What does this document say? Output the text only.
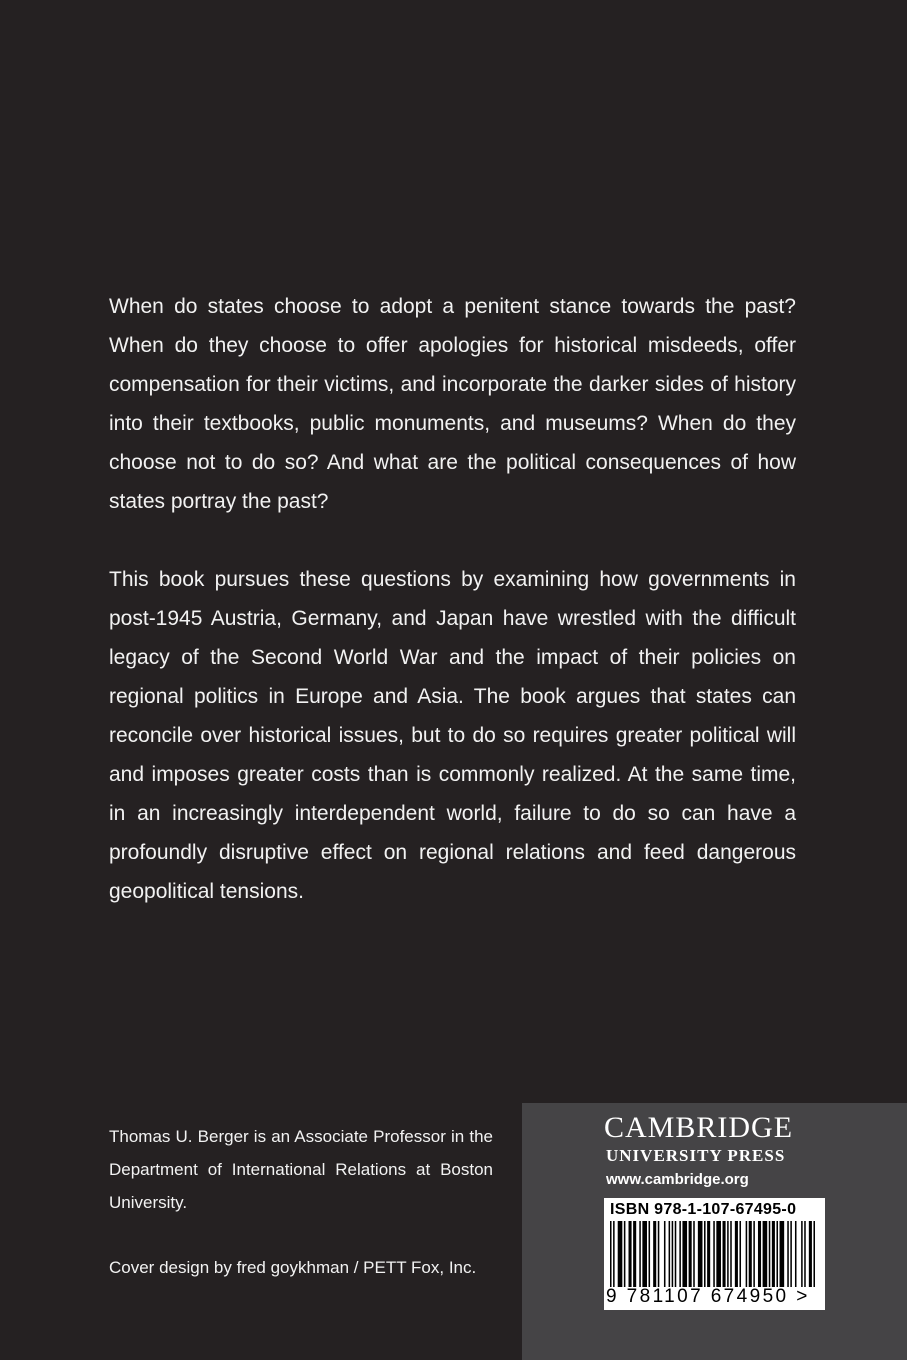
When do states choose to adopt a penitent stance towards the past? When do they choose to offer apologies for historical misdeeds, offer compensation for their victims, and incorporate the darker sides of history into their textbooks, public monuments, and museums? When do they choose not to do so? And what are the political consequences of how states portray the past?

This book pursues these questions by examining how governments in post-1945 Austria, Germany, and Japan have wrestled with the difficult legacy of the Second World War and the impact of their policies on regional politics in Europe and Asia. The book argues that states can reconcile over historical issues, but to do so requires greater political will and imposes greater costs than is commonly realized. At the same time, in an increasingly interdependent world, failure to do so can have a profoundly disruptive effect on regional relations and feed dangerous geopolitical tensions.

Thomas U. Berger is an Associate Professor in the Department of International Relations at Boston University.

Cover design by fred goykhman / PETT Fox, Inc.

CAMBRIDGE
UNIVERSITY PRESS
www.cambridge.org
ISBN 978-1-107-67495-0
9 781107 674950 >
